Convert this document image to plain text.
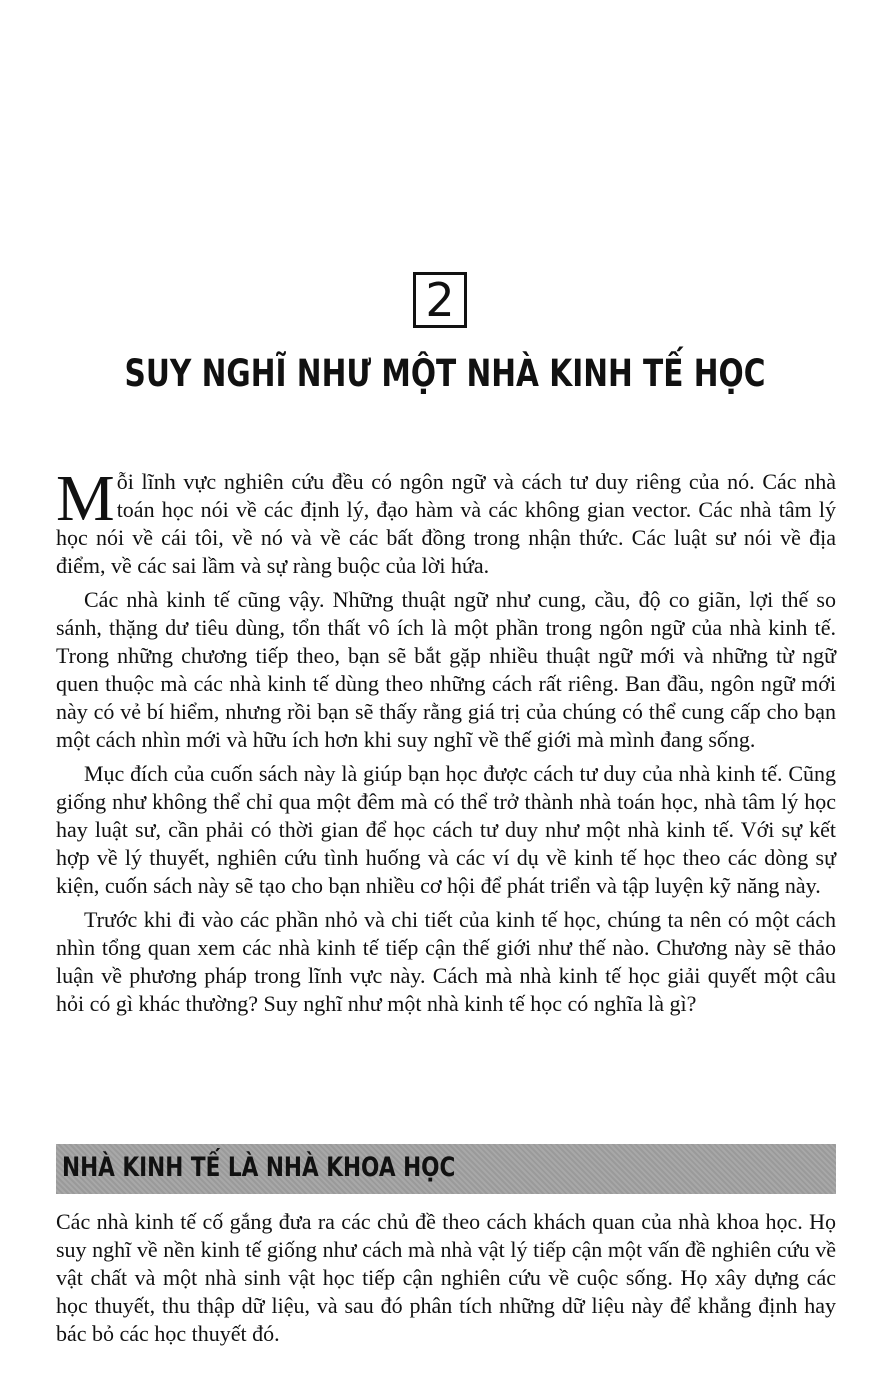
2
SUY NGHĨ NHƯ MỘT NHÀ KINH TẾ HỌC

Mỗi lĩnh vực nghiên cứu đều có ngôn ngữ và cách tư duy riêng của nó. Các nhà toán học nói về các định lý, đạo hàm và các không gian vector. Các nhà tâm lý học nói về cái tôi, về nó và về các bất đồng trong nhận thức. Các luật sư nói về địa điểm, về các sai lầm và sự ràng buộc của lời hứa.

Các nhà kinh tế cũng vậy. Những thuật ngữ như cung, cầu, độ co giãn, lợi thế so sánh, thặng dư tiêu dùng, tổn thất vô ích là một phần trong ngôn ngữ của nhà kinh tế. Trong những chương tiếp theo, bạn sẽ bắt gặp nhiều thuật ngữ mới và những từ ngữ quen thuộc mà các nhà kinh tế dùng theo những cách rất riêng. Ban đầu, ngôn ngữ mới này có vẻ bí hiểm, nhưng rồi bạn sẽ thấy rằng giá trị của chúng có thể cung cấp cho bạn một cách nhìn mới và hữu ích hơn khi suy nghĩ về thế giới mà mình đang sống.

Mục đích của cuốn sách này là giúp bạn học được cách tư duy của nhà kinh tế. Cũng giống như không thể chỉ qua một đêm mà có thể trở thành nhà toán học, nhà tâm lý học hay luật sư, cần phải có thời gian để học cách tư duy như một nhà kinh tế. Với sự kết hợp về lý thuyết, nghiên cứu tình huống và các ví dụ về kinh tế học theo các dòng sự kiện, cuốn sách này sẽ tạo cho bạn nhiều cơ hội để phát triển và tập luyện kỹ năng này.

Trước khi đi vào các phần nhỏ và chi tiết của kinh tế học, chúng ta nên có một cách nhìn tổng quan xem các nhà kinh tế tiếp cận thế giới như thế nào. Chương này sẽ thảo luận về phương pháp trong lĩnh vực này. Cách mà nhà kinh tế học giải quyết một câu hỏi có gì khác thường? Suy nghĩ như một nhà kinh tế học có nghĩa là gì?

NHÀ KINH TẾ LÀ NHÀ KHOA HỌC

Các nhà kinh tế cố gắng đưa ra các chủ đề theo cách khách quan của nhà khoa học. Họ suy nghĩ về nền kinh tế giống như cách mà nhà vật lý tiếp cận một vấn đề nghiên cứu về vật chất và một nhà sinh vật học tiếp cận nghiên cứu về cuộc sống. Họ xây dựng các học thuyết, thu thập dữ liệu, và sau đó phân tích những dữ liệu này để khẳng định hay bác bỏ các học thuyết đó.
